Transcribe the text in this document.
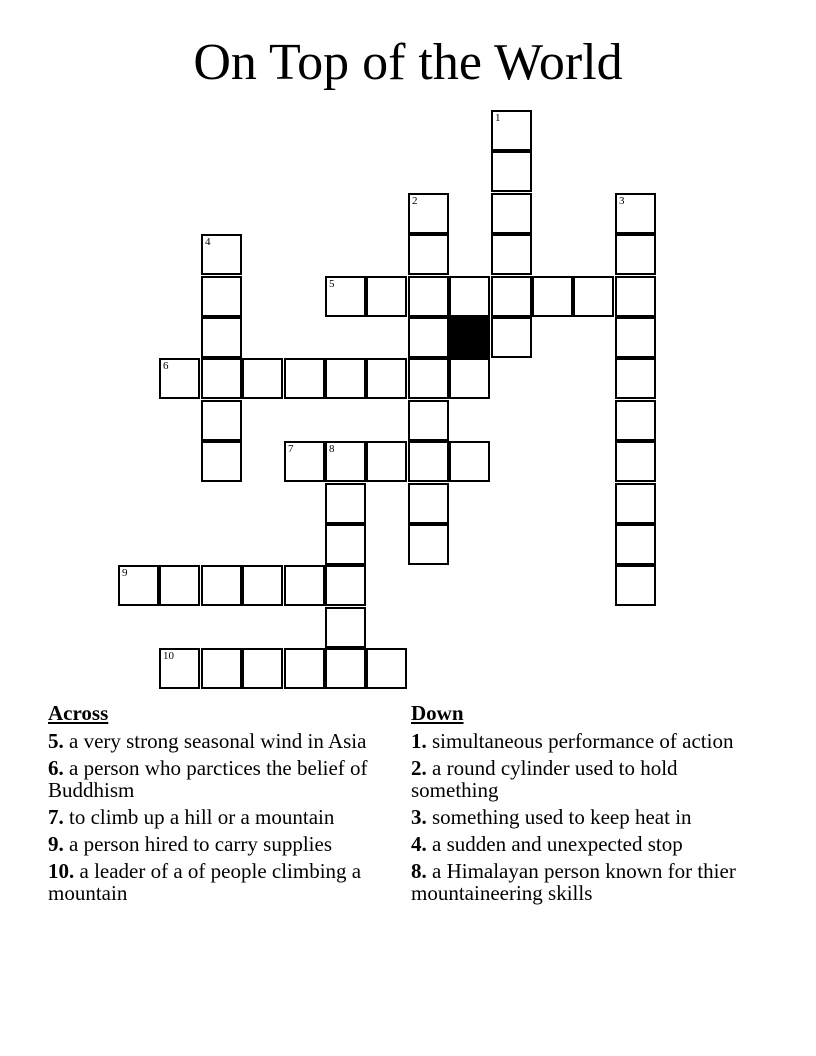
On Top of the World
1
2	3
4
5
6
7	8
9
10
Across
5. a very strong seasonal wind in Asia
6. a person who parctices the belief of Buddhism
7. to climb up a hill or a mountain
9. a person hired to carry supplies
10. a leader of a of people climbing a mountain
Down
1. simultaneous performance of action
2. a round cylinder used to hold something
3. something used to keep heat in
4. a sudden and unexpected stop
8. a Himalayan person known for thier mountaineering skills
